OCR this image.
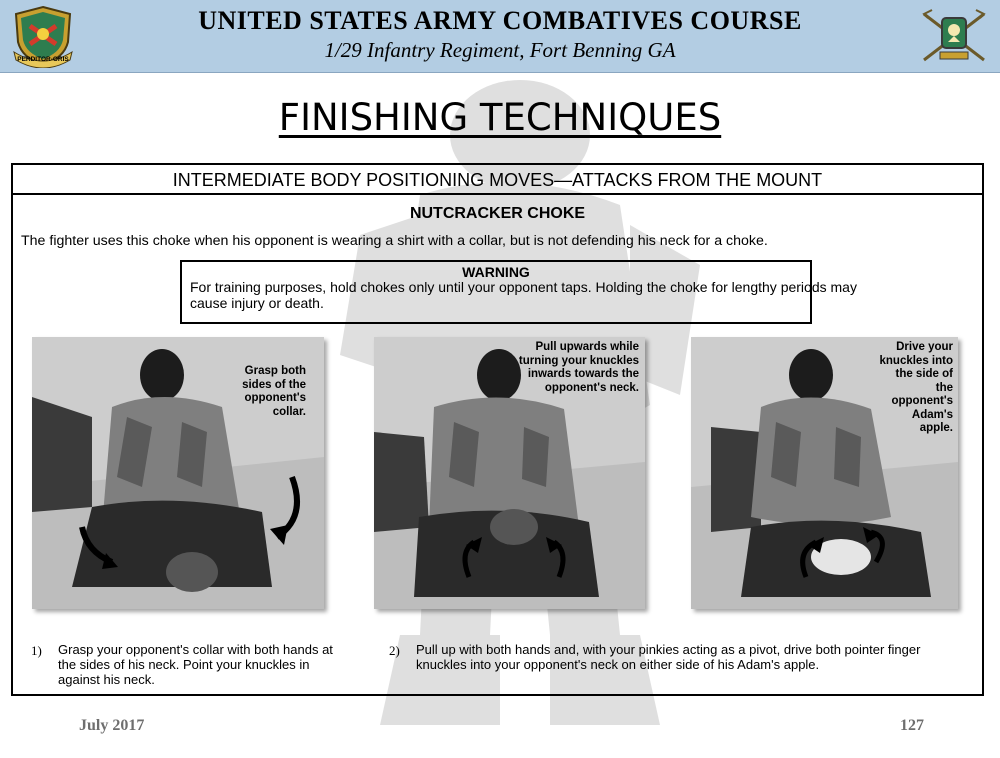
PERDITOR-ORIS
UNITED STATES ARMY COMBATIVES COURSE
1/29 Infantry Regiment, Fort Benning GA
FINISHING TECHNIQUES
INTERMEDIATE BODY POSITIONING MOVES—ATTACKS FROM THE MOUNT
NUTCRACKER CHOKE
The fighter uses this choke when his opponent is wearing a shirt with a collar, but is not defending his neck for a choke.
WARNING
For training purposes, hold chokes only until your opponent taps. Holding the choke for lengthy periods may cause injury or death.
Grasp both sides of the opponent's collar.
Pull upwards while turning your knuckles inwards towards the opponent's neck.
Drive your knuckles into the side of the opponent's Adam's apple.
1) Grasp your opponent's collar with both hands at the sides of his neck. Point your knuckles in against his neck.
2) Pull up with both hands and, with your pinkies acting as a pivot, drive both pointer finger knuckles into your opponent's neck on either side of his Adam's apple.
July 2017	127
